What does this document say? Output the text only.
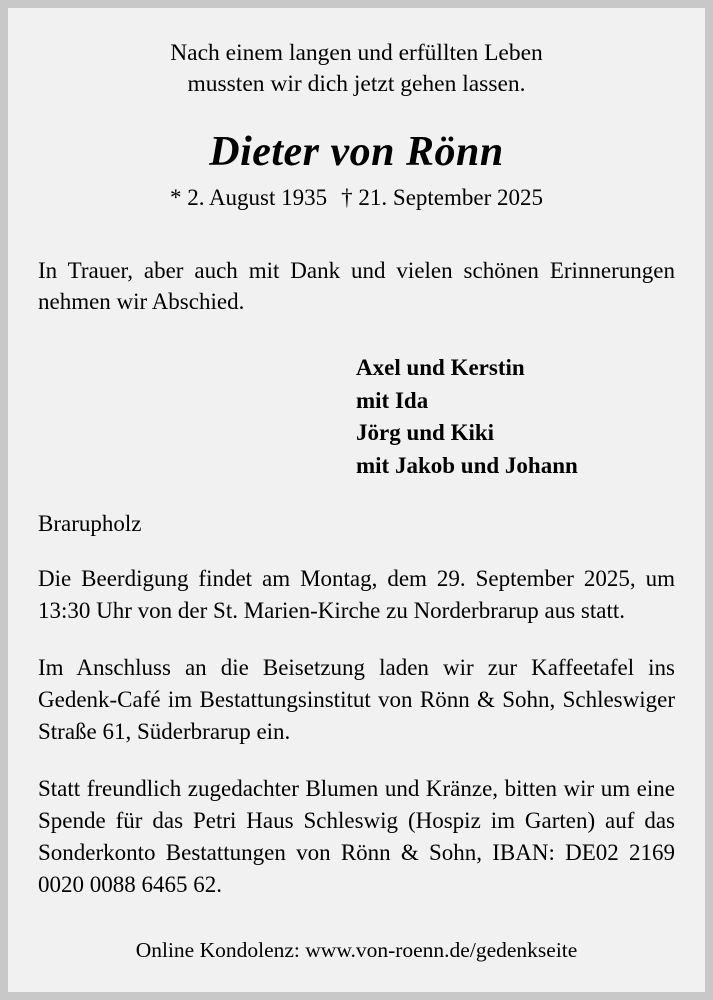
Nach einem langen und erfüllten Leben
mussten wir dich jetzt gehen lassen.
Dieter von Rönn
* 2. August 1935 † 21. September 2025
In Trauer, aber auch mit Dank und vielen schönen Erinnerungen nehmen wir Abschied.
Axel und Kerstin
mit Ida
Jörg und Kiki
mit Jakob und Johann
Brarupholz
Die Beerdigung findet am Montag, dem 29. September 2025, um 13:30 Uhr von der St. Marien-Kirche zu Norderbrarup aus statt.
Im Anschluss an die Beisetzung laden wir zur Kaffeetafel ins Gedenk-Café im Bestattungsinstitut von Rönn & Sohn, Schleswiger Straße 61, Süderbrarup ein.
Statt freundlich zugedachter Blumen und Kränze, bitten wir um eine Spende für das Petri Haus Schleswig (Hospiz im Garten) auf das Sonderkonto Bestattungen von Rönn & Sohn, IBAN: DE02 2169 0020 0088 6465 62.
Online Kondolenz: www.von-roenn.de/gedenkseite
